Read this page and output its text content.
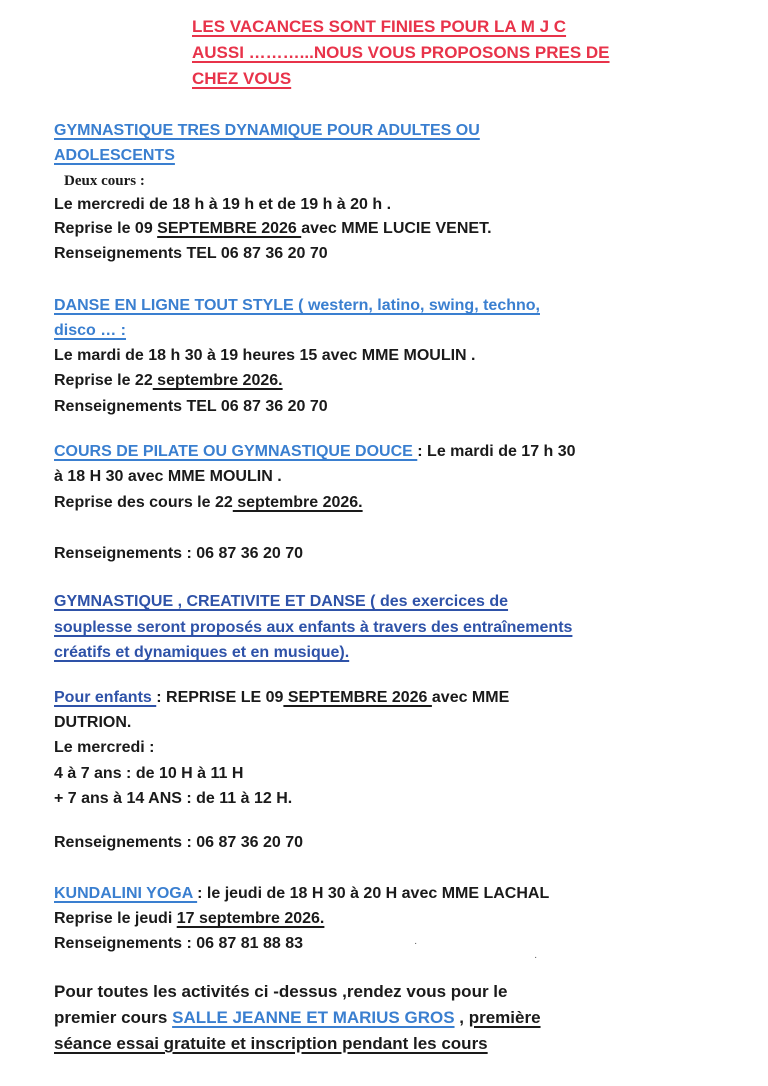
LES VACANCES SONT FINIES POUR LA M J C
AUSSI ………...NOUS VOUS PROPOSONS PRES DE
CHEZ VOUS
GYMNASTIQUE TRES DYNAMIQUE POUR ADULTES OU
ADOLESCENTS
Deux cours :
Le mercredi de 18 h à 19 h et de 19 h à 20 h .
Reprise le 09 SEPTEMBRE 2026 avec MME LUCIE VENET.
Renseignements TEL 06 87 36 20 70
DANSE EN LIGNE TOUT STYLE ( western, latino, swing, techno,
disco … :
Le mardi de 18 h 30 à 19 heures 15 avec MME MOULIN .
Reprise le 22 septembre 2026.
Renseignements TEL 06 87 36 20 70
COURS DE PILATE OU GYMNASTIQUE DOUCE : Le mardi de 17 h 30
à 18 H 30 avec MME MOULIN .
Reprise des cours le 22 septembre 2026.
Renseignements : 06 87 36 20 70
GYMNASTIQUE , CREATIVITE ET DANSE ( des exercices de
souplesse seront proposés aux enfants à travers des entraînements
créatifs et dynamiques et en musique).
Pour enfants : REPRISE LE 09 SEPTEMBRE 2026 avec MME
DUTRION.
Le mercredi :
4 à 7 ans : de 10 H à 11 H
+ 7 ans à 14 ANS : de 11 à 12 H.
Renseignements : 06 87 36 20 70
KUNDALINI YOGA : le jeudi de 18 H 30 à 20 H avec MME LACHAL
Reprise le jeudi 17 septembre 2026.
Renseignements : 06 87 81 88 83	·
·
Pour toutes les activités ci -dessus ,rendez vous pour le
premier cours SALLE JEANNE ET MARIUS GROS , première
séance essai gratuite et inscription pendant les cours
